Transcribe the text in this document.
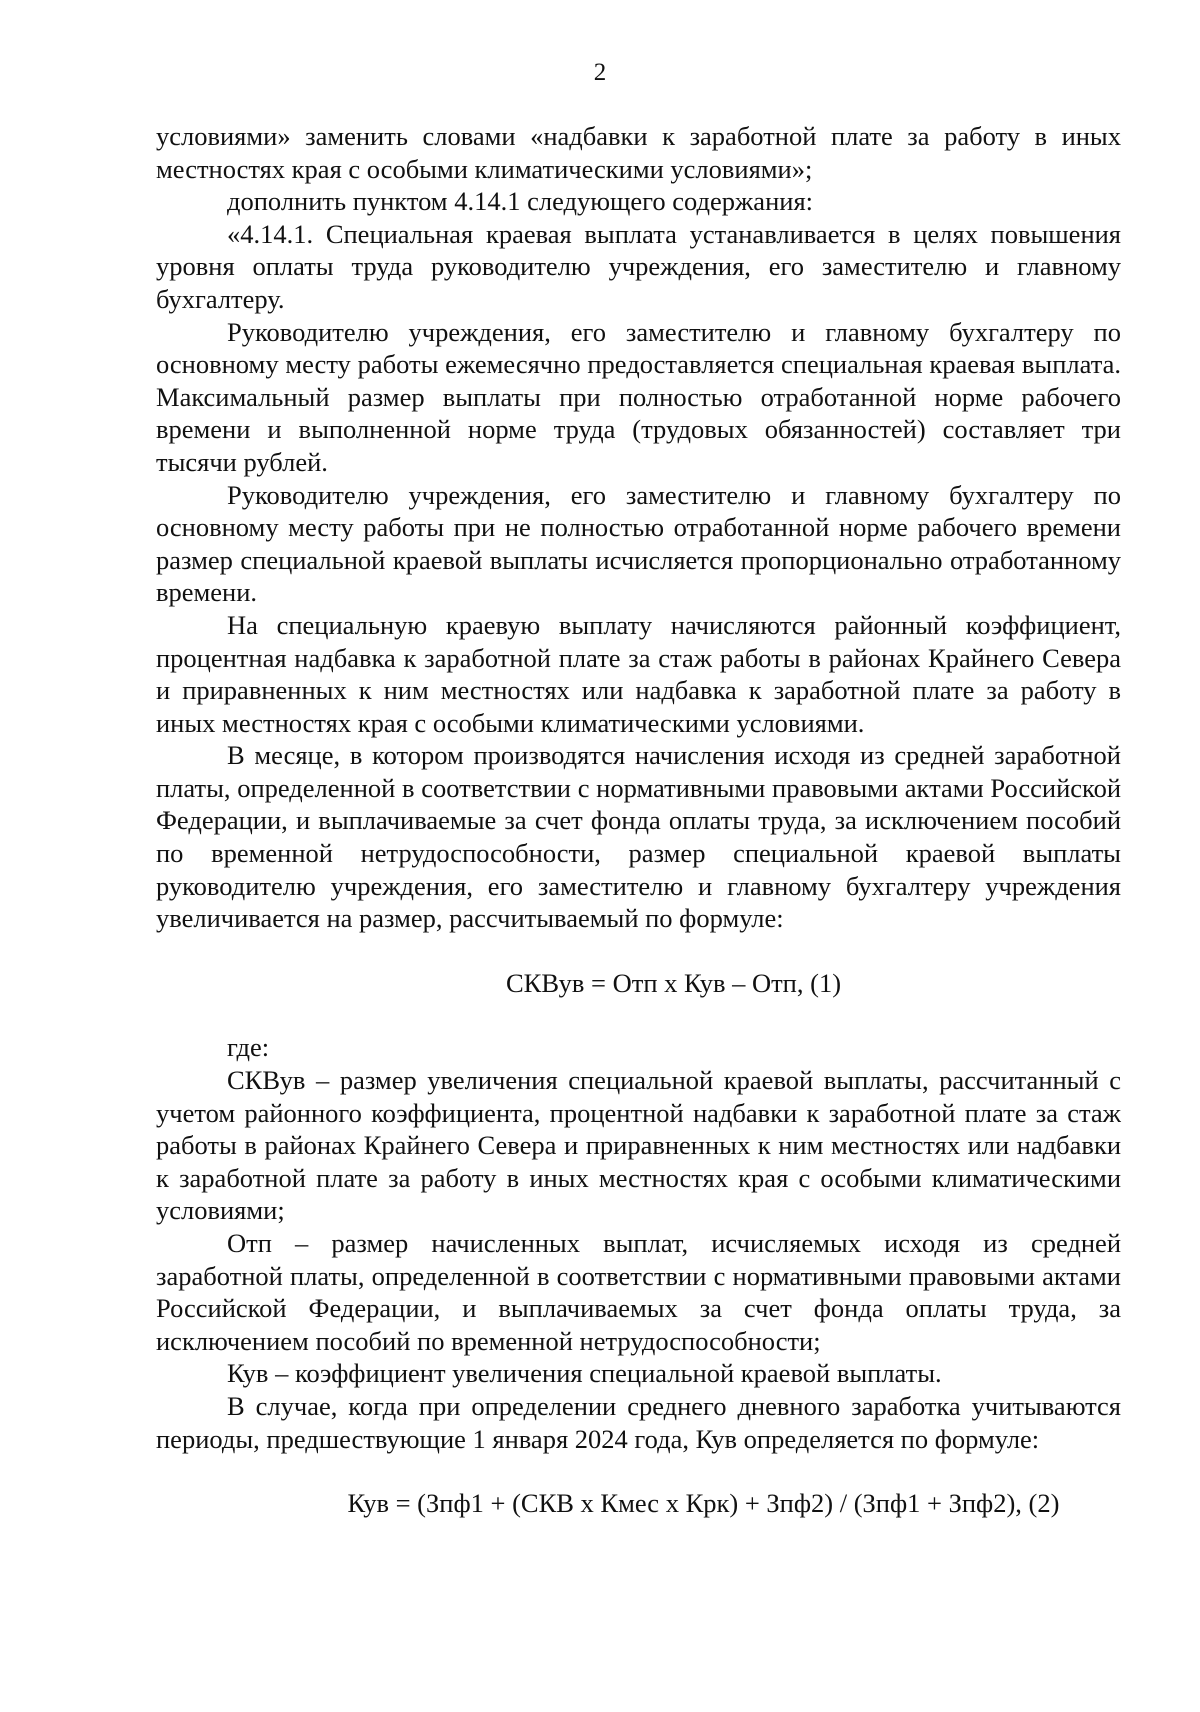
2

условиями» заменить словами «надбавки к заработной плате за работу в иных местностях края с особыми климатическими условиями»;

дополнить пунктом 4.14.1 следующего содержания:

«4.14.1. Специальная краевая выплата устанавливается в целях повышения уровня оплаты труда руководителю учреждения, его заместителю и главному бухгалтеру.

Руководителю учреждения, его заместителю и главному бухгалтеру по основному месту работы ежемесячно предоставляется специальная краевая выплата. Максимальный размер выплаты при полностью отработанной норме рабочего времени и выполненной норме труда (трудовых обязанностей) составляет три тысячи рублей.

Руководителю учреждения, его заместителю и главному бухгалтеру по основному месту работы при не полностью отработанной норме рабочего времени размер специальной краевой выплаты исчисляется пропорционально отработанному времени.

На специальную краевую выплату начисляются районный коэффициент, процентная надбавка к заработной плате за стаж работы в районах Крайнего Севера и приравненных к ним местностях или надбавка к заработной плате за работу в иных местностях края с особыми климатическими условиями.

В месяце, в котором производятся начисления исходя из средней заработной платы, определенной в соответствии с нормативными правовыми актами Российской Федерации, и выплачиваемые за счет фонда оплаты труда, за исключением пособий по временной нетрудоспособности, размер специальной краевой выплаты руководителю учреждения, его заместителю и главному бухгалтеру учреждения увеличивается на размер, рассчитываемый по формуле:

СКВув = Отп х Кув – Отп, (1)

где:

СКВув – размер увеличения специальной краевой выплаты, рассчитанный с учетом районного коэффициента, процентной надбавки к заработной плате за стаж работы в районах Крайнего Севера и приравненных к ним местностях или надбавки к заработной плате за работу в иных местностях края с особыми климатическими условиями;

Отп – размер начисленных выплат, исчисляемых исходя из средней заработной платы, определенной в соответствии с нормативными правовыми актами Российской Федерации, и выплачиваемых за счет фонда оплаты труда, за исключением пособий по временной нетрудоспособности;

Кув – коэффициент увеличения специальной краевой выплаты.

В случае, когда при определении среднего дневного заработка учитываются периоды, предшествующие 1 января 2024 года, Кув определяется по формуле:

Кув = (Зпф1 + (СКВ х Кмес х Крк) + Зпф2) / (Зпф1 + Зпф2), (2)
